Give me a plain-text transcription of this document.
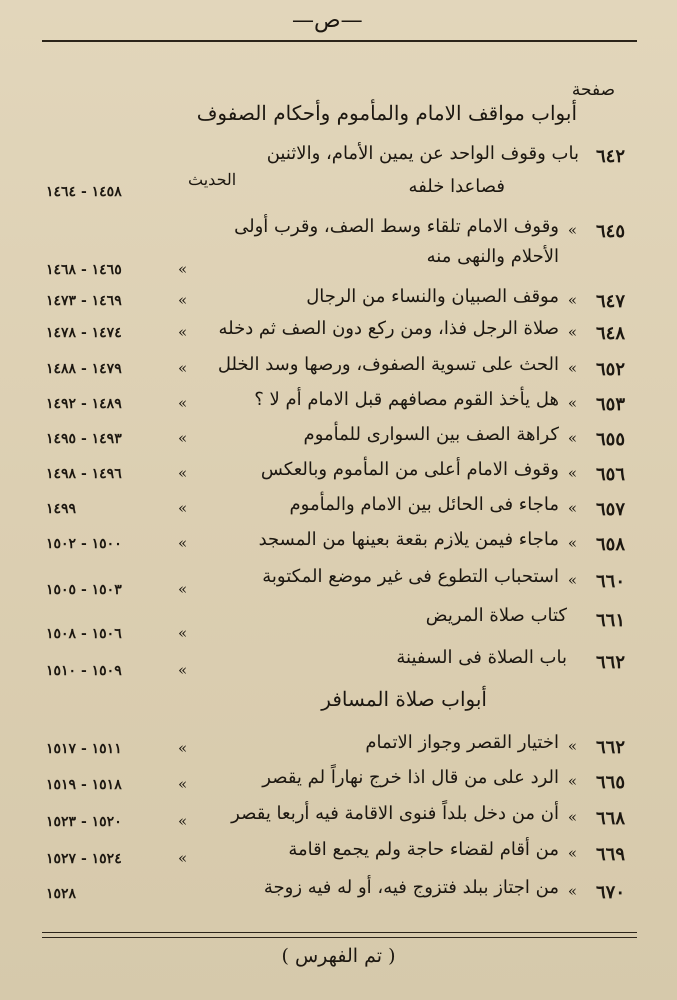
—ص—
صفحة
أبواب مواقف الامام والمأموم وأحكام الصفوف
٦٤٢
باب وقوف الواحد عن يمين الأمام، والاثنين
فصاعدا خلفه
الحديث
١٤٥٨ - ١٤٦٤
٦٤٥
«
وقوف الامام تلقاء وسط الصف، وقرب أولى
الأحلام والنهى منه
«
١٤٦٥ - ١٤٦٨
٦٤٧
«
موقف الصبيان والنساء من الرجال
«
١٤٦٩ - ١٤٧٣
٦٤٨
«
صلاة الرجل فذا، ومن ركع دون الصف ثم دخله
«
١٤٧٤ - ١٤٧٨
٦٥٢
«
الحث على تسوية الصفوف، ورصها وسد الخلل
«
١٤٧٩ - ١٤٨٨
٦٥٣
«
هل يأخذ القوم مصافهم قبل الامام أم لا ؟
«
١٤٨٩ - ١٤٩٢
٦٥٥
«
كراهة الصف بين السوارى للمأموم
«
١٤٩٣ - ١٤٩٥
٦٥٦
«
وقوف الامام أعلى من المأموم وبالعكس
«
١٤٩٦ - ١٤٩٨
٦٥٧
«
ماجاء فى الحائل بين الامام والمأموم
«
١٤٩٩
٦٥٨
«
ماجاء فيمن يلازم بقعة بعينها من المسجد
«
١٥٠٠ - ١٥٠٢
٦٦٠
«
استحباب التطوع فى غير موضع المكتوبة
«
١٥٠٣ - ١٥٠٥
٦٦١
كتاب صلاة المريض
«
١٥٠٦ - ١٥٠٨
٦٦٢
باب الصلاة فى السفينة
«
١٥٠٩ - ١٥١٠
أبواب صلاة المسافر
٦٦٢
«
اختيار القصر وجواز الاتمام
«
١٥١١ - ١٥١٧
٦٦٥
«
الرد على من قال اذا خرج نهاراً لم يقصر
«
١٥١٨ - ١٥١٩
٦٦٨
«
أن من دخل بلداً فنوى الاقامة فيه أربعا يقصر
«
١٥٢٠ - ١٥٢٣
٦٦٩
«
من أقام لقضاء حاجة ولم يجمع اقامة
«
١٥٢٤ - ١٥٢٧
٦٧٠
«
من اجتاز ببلد فتزوج فيه، أو له فيه زوجة
١٥٢٨
( تم الفهرس )
